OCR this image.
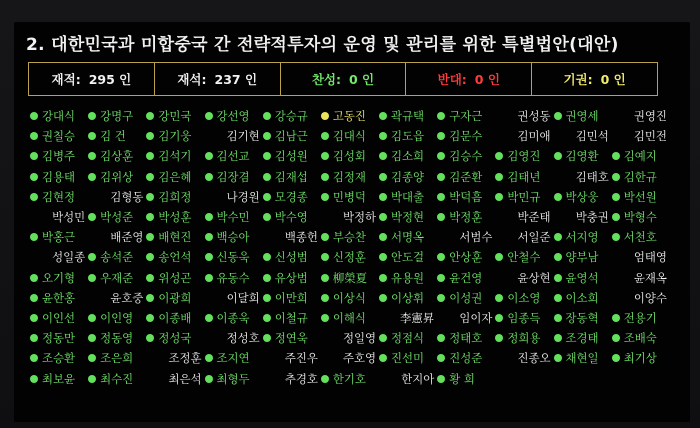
2. 대한민국과 미합중국 간 전략적투자의 운영 및 관리를 위한 특별법안(대안)
재적: 295 인	재석: 237 인	찬성: 0 인	반대: 0 인	기권: 0 인
강대식 강명구 강민국 강선영 강승규 고동진 곽규택 구자근	권성동 권영세	권영진
권칠승 김 건	김기웅	김기현 김남근 김대식 김도읍 김문수	김미애 김민석 김민전
김병주 김상훈 김석기 김선교 김성원 김성회 김소희 김승수 김영진 김영환 김예지
김용태 김위상 김은혜 김장겸 김재섭 김정재 김종양 김준환 김태년	김태호 김한규
김현정	김형동 김희정	나경원 모경종 민병덕 박대출 박덕흠 박민규 박상웅 박선원
박성민 박성준 박성훈 박수민 박수영	박정하 박정현 박정훈	박준태 박충권 박형수
박홍근	배준영 배현진 백승아	백종헌 부승찬 서명옥	서범수 서일준 서지영 서천호
성일종 송석준 송언석 신동욱 신성범 신정훈 안도걸 안상훈 안철수 양부남	엄태영
오기형 우재준 위성곤 유동수 유상범 柳榮夏 유용원 윤건영	윤상현 윤영석	윤재옥
윤한홍	윤호중 이광희	이달희 이만희 이상식 이상휘 이성권 이소영 이소희	이양수
이인선 이인영 이종배 이종욱 이철규 이해식	李憲昇 임이자 임종득 장동혁 전용기
정동만 정동영 정성국	정성호 정연욱	정일영 정점식 정태호 정희용 조경태 조배숙
조승환 조은희	조정훈 조지연	주진우 주호영 진선미 진성준	진종오 채현일 최기상
최보윤 최수진	최은석 최형두	추경호 한기호	한지아 황 희
